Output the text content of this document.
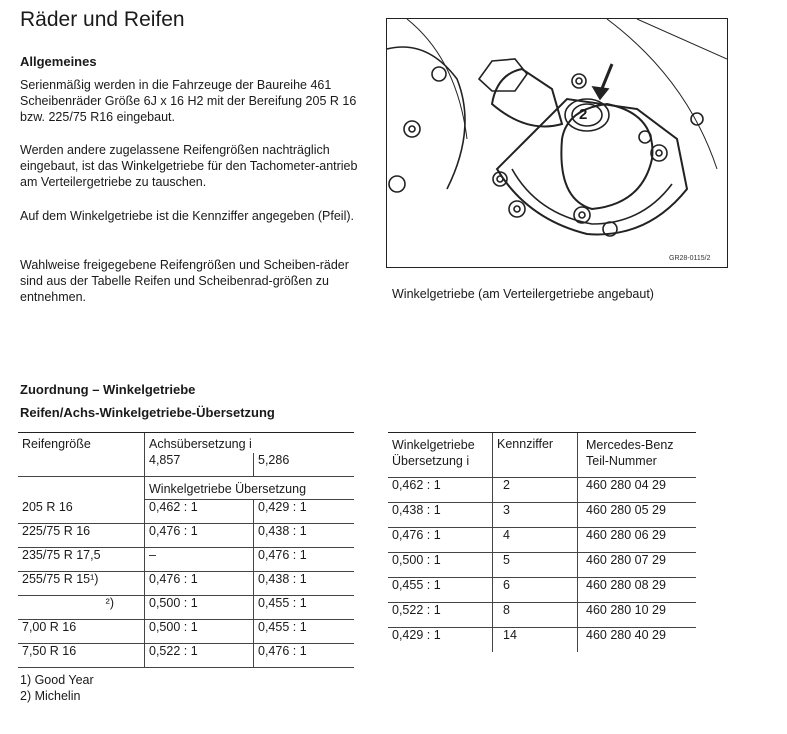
Räder und Reifen
Allgemeines
Serienmäßig werden in die Fahrzeuge der Baureihe 461 Scheibenräder Größe 6J x 16 H2 mit der Bereifung 205 R 16 bzw. 225/75 R16 eingebaut.
Werden andere zugelassene Reifengrößen nachträglich eingebaut, ist das Winkelgetriebe für den Tachometer-antrieb am Verteilergetriebe zu tauschen.
Auf dem Winkelgetriebe ist die Kennziffer angegeben (Pfeil).
Wahlweise freigegebene Reifengrößen und Scheiben-räder sind aus der Tabelle Reifen und Scheibenrad-größen zu entnehmen.
2
GR28-0115/2
Winkelgetriebe (am Verteilergetriebe angebaut)
Zuordnung – Winkelgetriebe
Reifen/Achs-Winkelgetriebe-Übersetzung
Reifengröße	Achsübersetzung i	
	4,857	5,286
	Winkelgetriebe Übersetzung	
205 R 16	0,462 : 1	0,429 : 1
225/75 R 16	0,476 : 1	0,438 : 1
235/75 R 17,5	–	0,476 : 1
255/75 R 15¹)	0,476 : 1	0,438 : 1
²)	0,500 : 1	0,455 : 1
7,00 R 16	0,500 : 1	0,455 : 1
7,50 R 16	0,522 : 1	0,476 : 1
1) Good Year
2) Michelin
Winkelgetriebe
Übersetzung i	Kennziffer	Mercedes-Benz
Teil-Nummer
0,462 : 1	2	460 280 04 29
0,438 : 1	3	460 280 05 29
0,476 : 1	4	460 280 06 29
0,500 : 1	5	460 280 07 29
0,455 : 1	6	460 280 08 29
0,522 : 1	8	460 280 10 29
0,429 : 1	14	460 280 40 29
